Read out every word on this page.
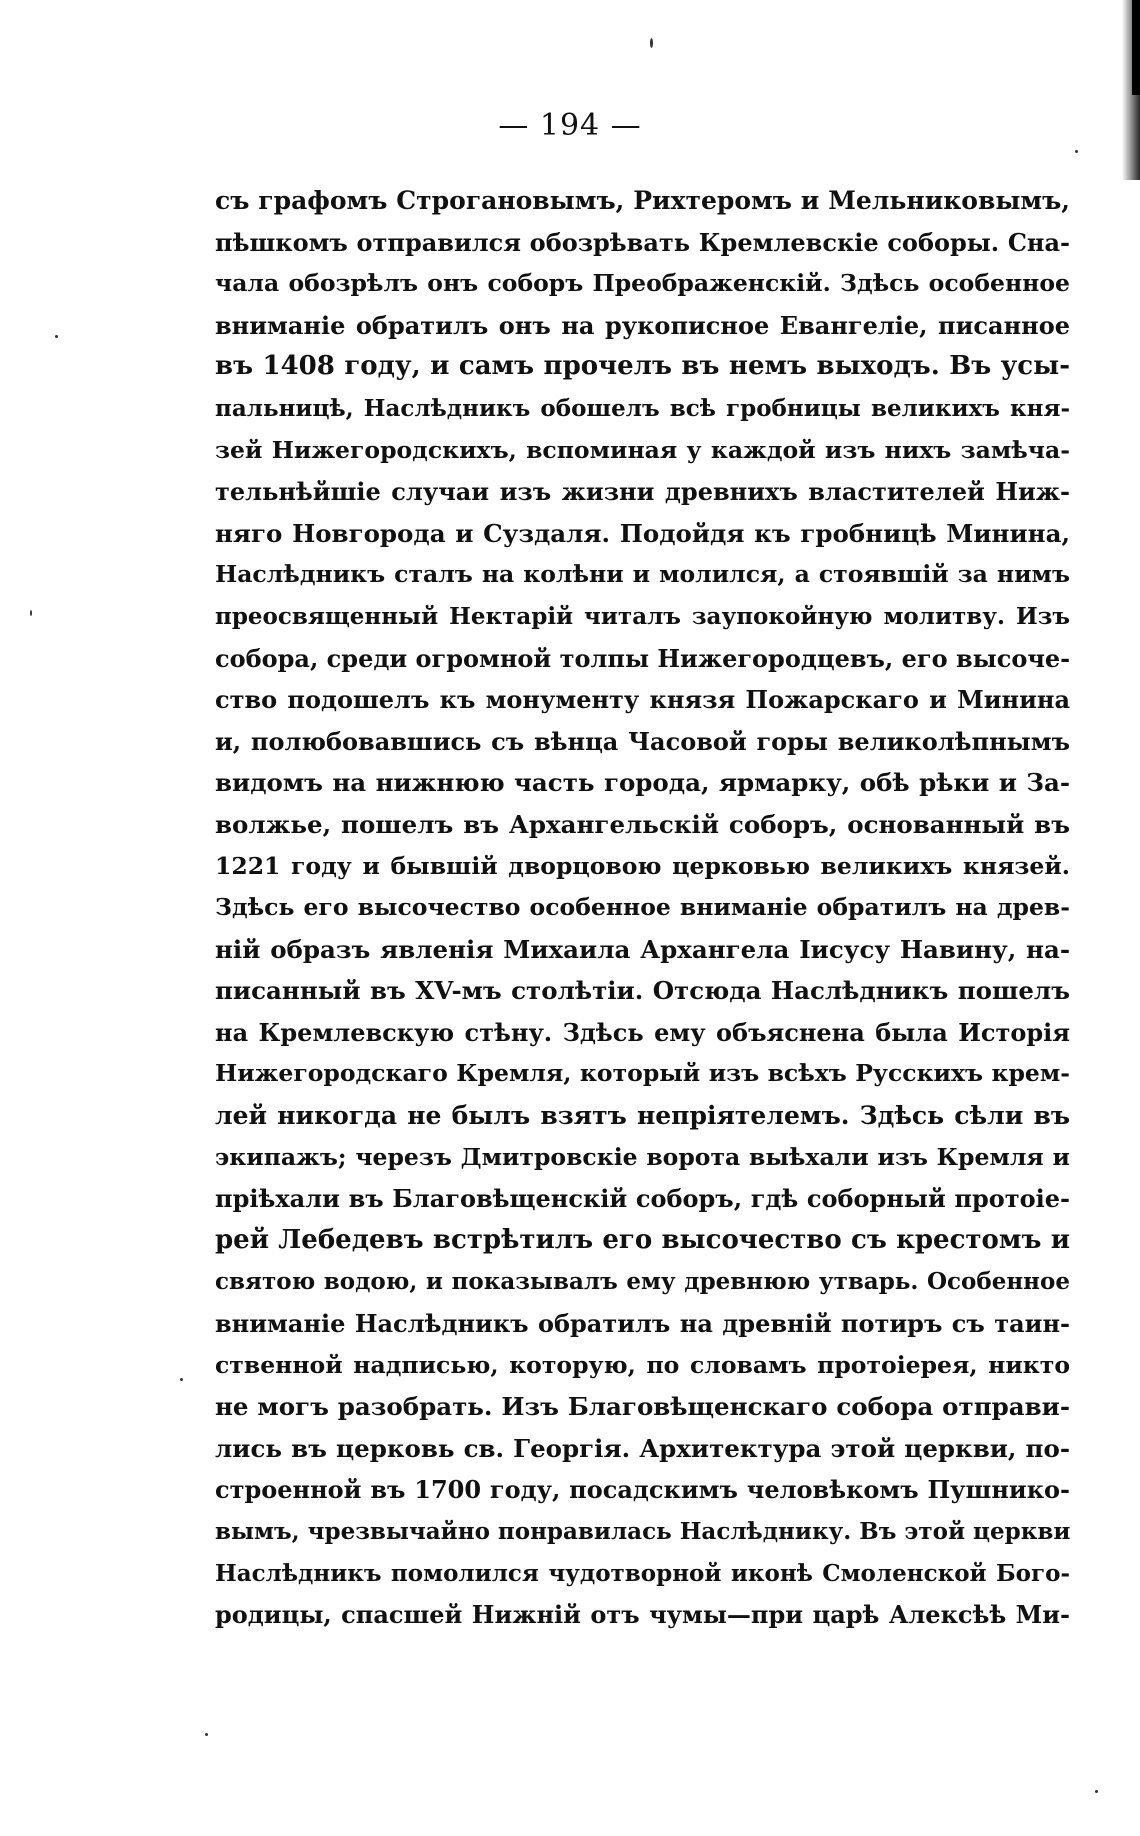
— 194 —
съ графомъ Строгановымъ, Рихтеромъ и Мельниковымъ,
пѣшкомъ отправился обозрѣвать Кремлевскіе соборы. Сна-
чала обозрѣлъ онъ соборъ Преображенскій. Здѣсь особенное
вниманіе обратилъ онъ на рукописное Евангеліе, писанное
въ 1408 году, и самъ прочелъ въ немъ выходъ. Въ усы-
пальницѣ, Наслѣдникъ обошелъ всѣ гробницы великихъ кня-
зей Нижегородскихъ, вспоминая у каждой изъ нихъ замѣча-
тельнѣйшіе случаи изъ жизни древнихъ властителей Ниж-
няго Новгорода и Суздаля. Подойдя къ гробницѣ Минина,
Наслѣдникъ сталъ на колѣни и молился, а стоявшій за нимъ
преосвященный Нектарій читалъ заупокойную молитву. Изъ
собора, среди огромной толпы Нижегородцевъ, его высоче-
ство подошелъ къ монументу князя Пожарскаго и Минина
и, полюбовавшись съ вѣнца Часовой горы великолѣпнымъ
видомъ на нижнюю часть города, ярмарку, обѣ рѣки и За-
волжье, пошелъ въ Архангельскій соборъ, основанный въ
1221 году и бывшій дворцовою церковью великихъ князей.
Здѣсь его высочество особенное вниманіе обратилъ на древ-
ній образъ явленія Михаила Архангела Іисусу Навину, на-
писанный въ XV-мъ столѣтіи. Отсюда Наслѣдникъ пошелъ
на Кремлевскую стѣну. Здѣсь ему объяснена была Исторія
Нижегородскаго Кремля, который изъ всѣхъ Русскихъ крем-
лей никогда не былъ взятъ непріятелемъ. Здѣсь сѣли въ
экипажъ; черезъ Дмитровскіе ворота выѣхали изъ Кремля и
пріѣхали въ Благовѣщенскій соборъ, гдѣ соборный протоіе-
рей Лебедевъ встрѣтилъ его высочество съ крестомъ и
святою водою, и показывалъ ему древнюю утварь. Особенное
вниманіе Наслѣдникъ обратилъ на древній потиръ съ таин-
ственной надписью, которую, по словамъ протоіерея, никто
не могъ разобрать. Изъ Благовѣщенскаго собора отправи-
лись въ церковь св. Георгія. Архитектура этой церкви, по-
строенной въ 1700 году, посадскимъ человѣкомъ Пушнико-
вымъ, чрезвычайно понравилась Наслѣднику. Въ этой церкви
Наслѣдникъ помолился чудотворной иконѣ Смоленской Бого-
родицы, спасшей Нижній отъ чумы—при царѣ Алексѣѣ Ми-
